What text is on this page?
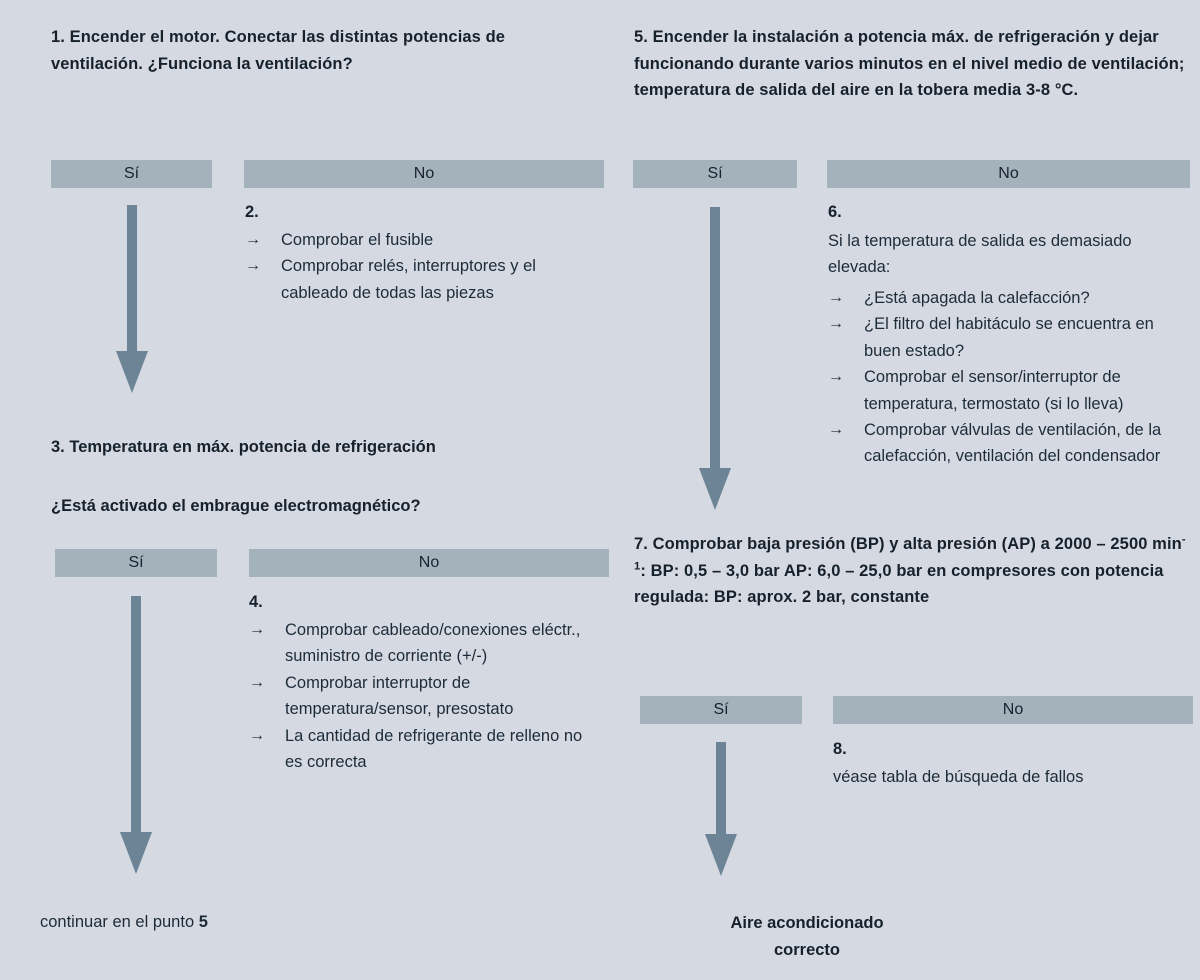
1. Encender el motor. Conectar las distintas potencias de ventilación. ¿Funciona la ventilación?
Sí	No
2.
→ Comprobar el fusible
→ Comprobar relés, interruptores y el cableado de todas las piezas
3. Temperatura en máx. potencia de refrigeración
¿Está activado el embrague electromagnético?
Sí	No
4.
→ Comprobar cableado/conexiones eléctr., suministro de corriente (+/-)
→ Comprobar interruptor de temperatura/sensor, presostato
→ La cantidad de refrigerante de relleno no es correcta
continuar en el punto 5
5. Encender la instalación a potencia máx. de refrigeración y dejar funcionando durante varios minutos en el nivel medio de ventilación; temperatura de salida del aire en la tobera media 3-8 °C.
Sí	No
6.
Si la temperatura de salida es demasiado elevada:
→ ¿Está apagada la calefacción?
→ ¿El filtro del habitáculo se encuentra en buen estado?
→ Comprobar el sensor/interruptor de temperatura, termostato (si lo lleva)
→ Comprobar válvulas de ventilación, de la calefacción, ventilación del condensador
7. Comprobar baja presión (BP) y alta presión (AP) a 2000 – 2500 $\min^{-1}$: BP: 0,5 – 3,0 bar AP: 6,0 – 25,0 bar en compresores con potencia regulada: BP: aprox. 2 bar, constante
Sí	No
8.
véase tabla de búsqueda de fallos
Aire acondicionado
correcto
